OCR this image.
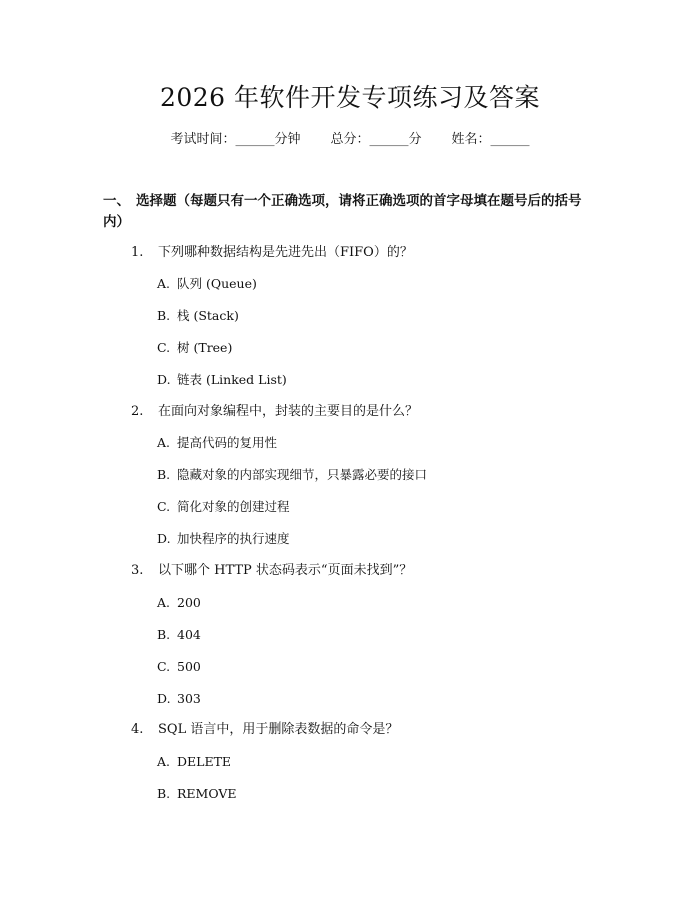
2026 年软件开发专项练习及答案
考试时间：______分钟 总分：______分 姓名：______
一、 选择题（每题只有一个正确选项，请将正确选项的首字母填在题号后的括号内）
1. 下列哪种数据结构是先进先出（FIFO）的？
A. 队列 (Queue)
B. 栈 (Stack)
C. 树 (Tree)
D. 链表 (Linked List)
2. 在面向对象编程中，封装的主要目的是什么？
A. 提高代码的复用性
B. 隐藏对象的内部实现细节，只暴露必要的接口
C. 简化对象的创建过程
D. 加快程序的执行速度
3. 以下哪个 HTTP 状态码表示“页面未找到”？
A. 200
B. 404
C. 500
D. 303
4. SQL 语言中，用于删除表数据的命令是？
A. DELETE
B. REMOVE
